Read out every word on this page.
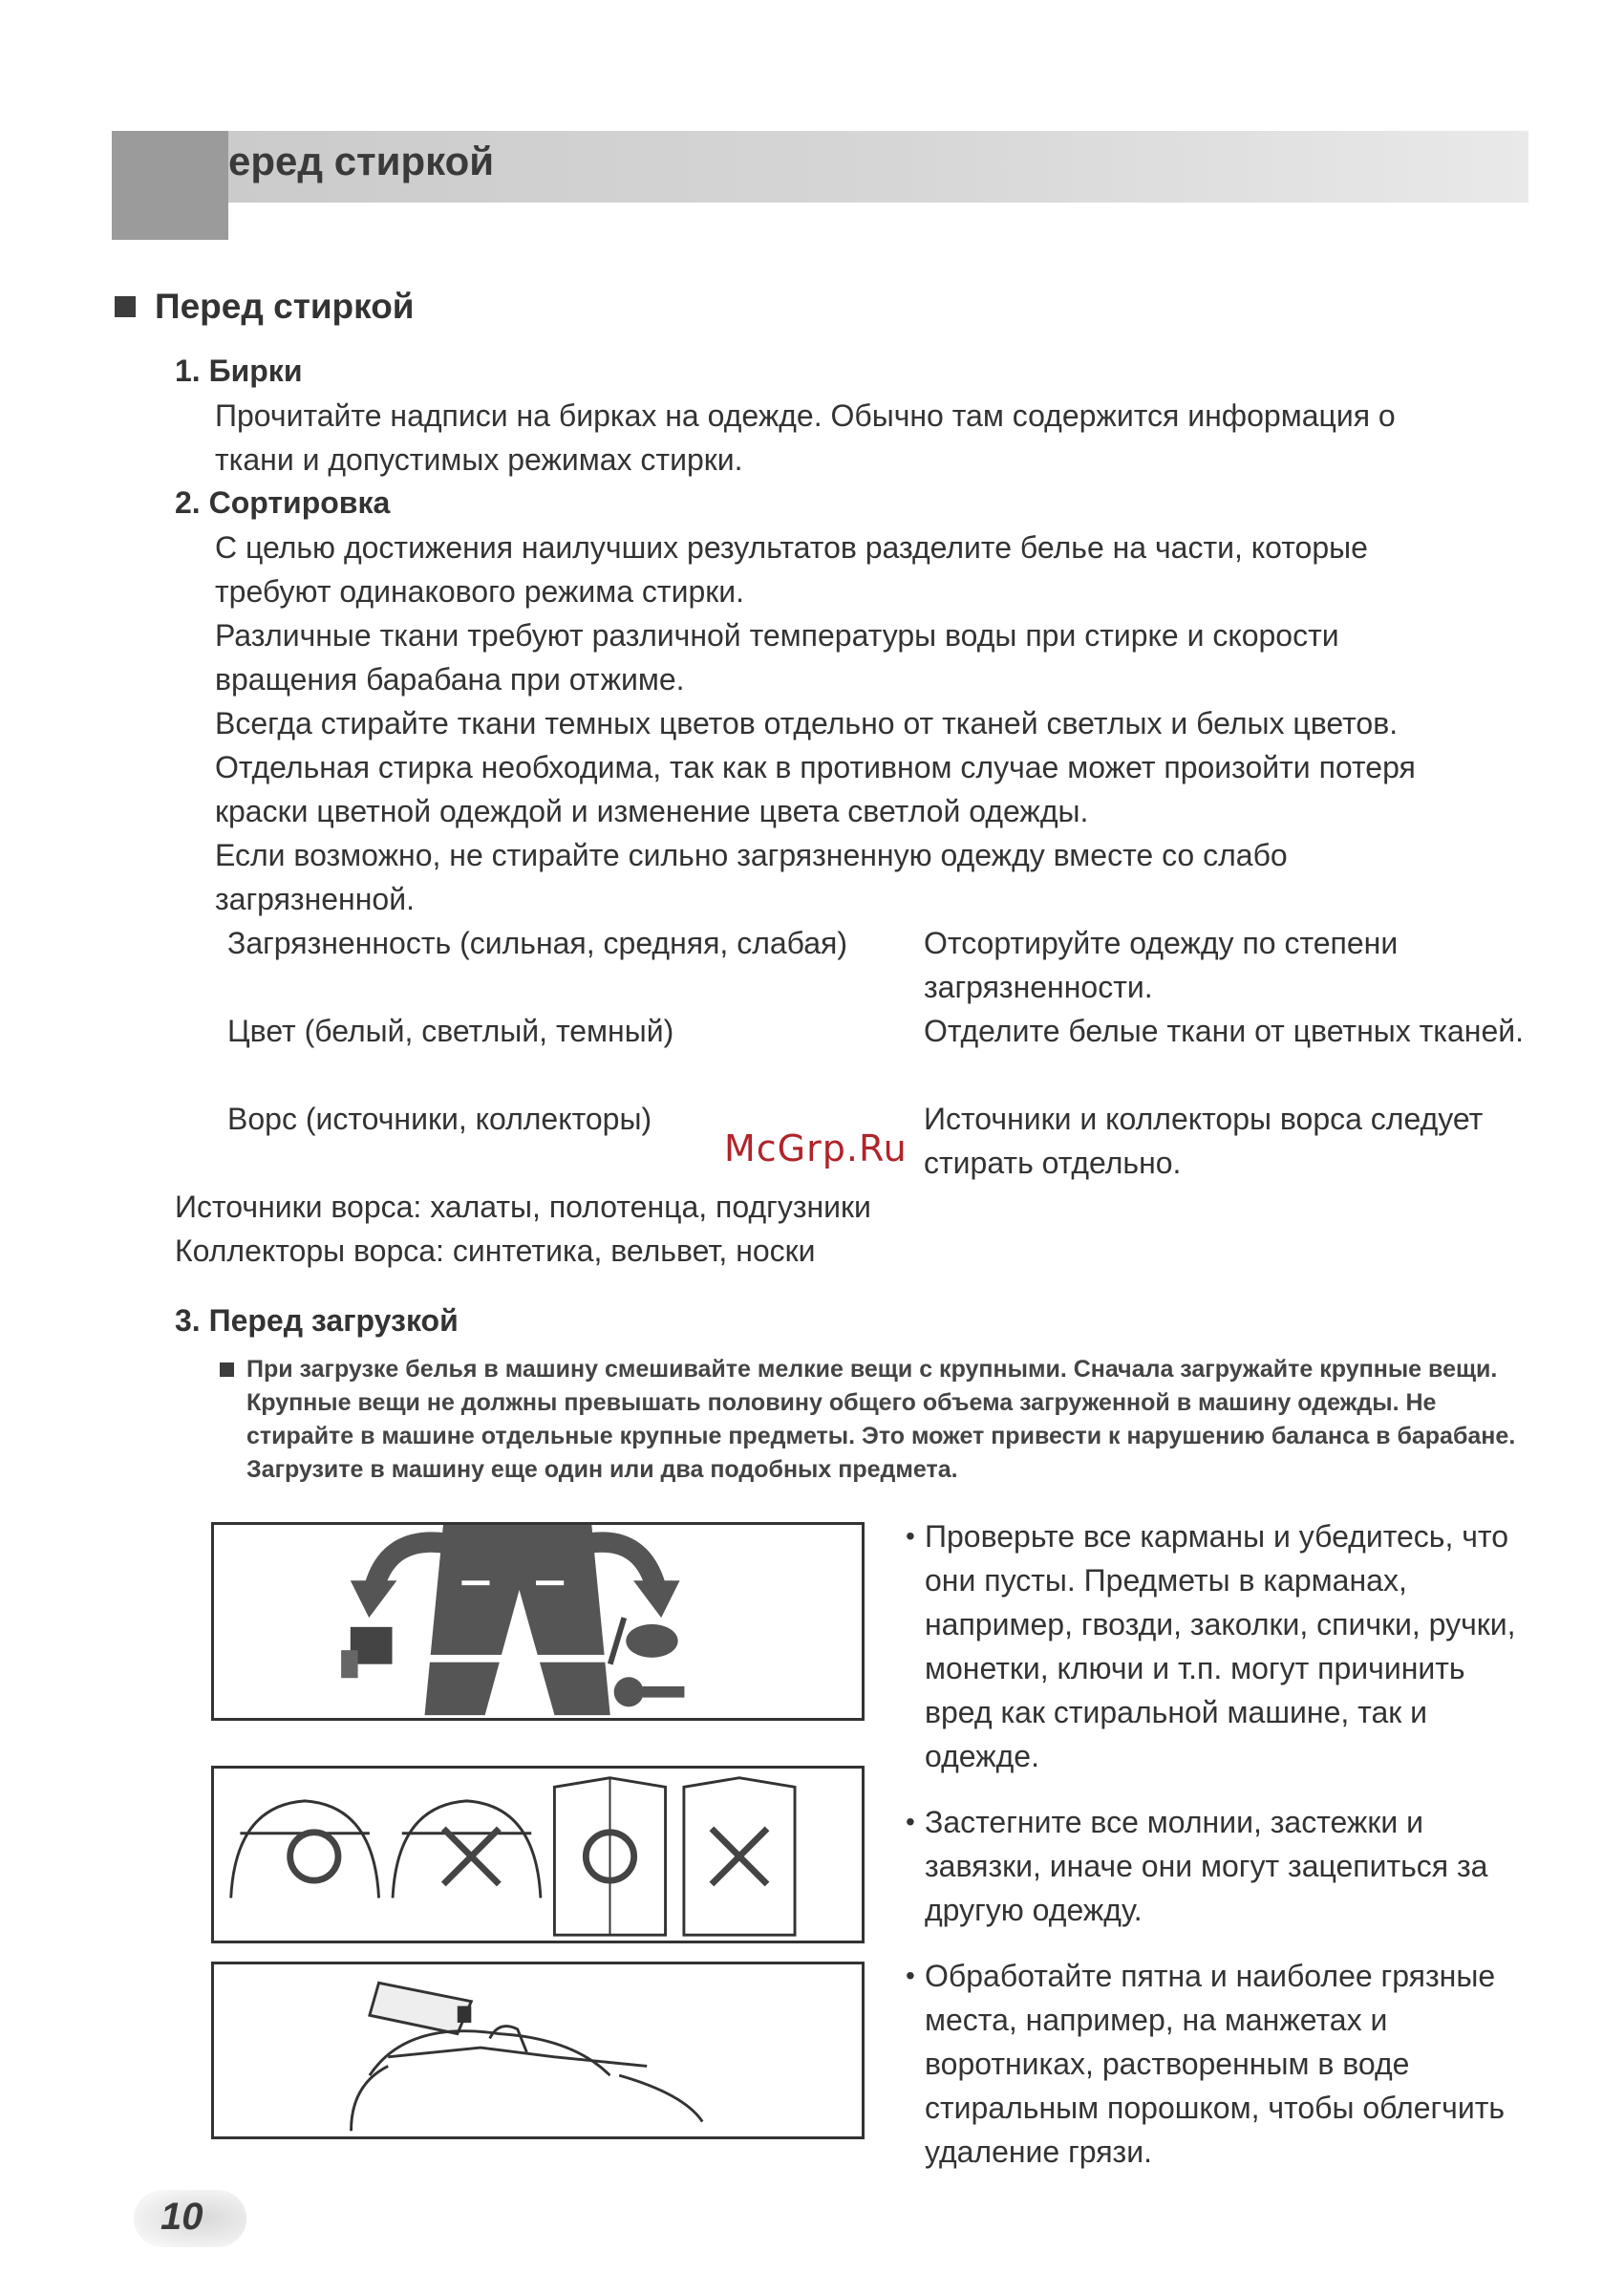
еред стиркой
Перед стиркой
1. Бирки
Прочитайте надписи на бирках на одежде. Обычно там содержится информация о
ткани и допустимых режимах стирки.
2. Сортировка
С целью достижения наилучших результатов разделите белье на части, которые
требуют одинакового режима стирки.
Различные ткани требуют различной температуры воды при стирке и скорости
вращения барабана при отжиме.
Всегда стирайте ткани темных цветов отдельно от тканей светлых и белых цветов.
Отдельная стирка необходима, так как в противном случае может произойти потеря
краски цветной одеждой и изменение цвета светлой одежды.
Если возможно, не стирайте сильно загрязненную одежду вместе со слабо
загрязненной.
Загрязненность (сильная, средняя, слабая) Отсортируйте одежду по степени загрязненности.
Цвет (белый, светлый, темный)	Отделите белые ткани от цветных тканей.
Ворс (источники, коллекторы)	Источники и коллекторы ворса следует стирать отдельно.
McGrp.Ru
Источники ворса: халаты, полотенца, подгузники
Коллекторы ворса: синтетика, вельвет, носки
3. Перед загрузкой
При загрузке белья в машину смешивайте мелкие вещи с крупными. Сначала загружайте крупные вещи. Крупные вещи не должны превышать половину общего объема загруженной в машину одежды. Не стирайте в машине отдельные крупные предметы. Это может привести к нарушению баланса в барабане. Загрузите в машину еще один или два подобных предмета.
• Проверьте все карманы и убедитесь, что они пусты. Предметы в карманах, например, гвозди, заколки, спички, ручки, монетки, ключи и т.п. могут причинить вред как стиральной машине, так и одежде.
• Застегните все молнии, застежки и завязки, иначе они могут зацепиться за другую одежду.
• Обработайте пятна и наиболее грязные места, например, на манжетах и воротниках, растворенным в воде стиральным порошком, чтобы облегчить удаление грязи.
10
